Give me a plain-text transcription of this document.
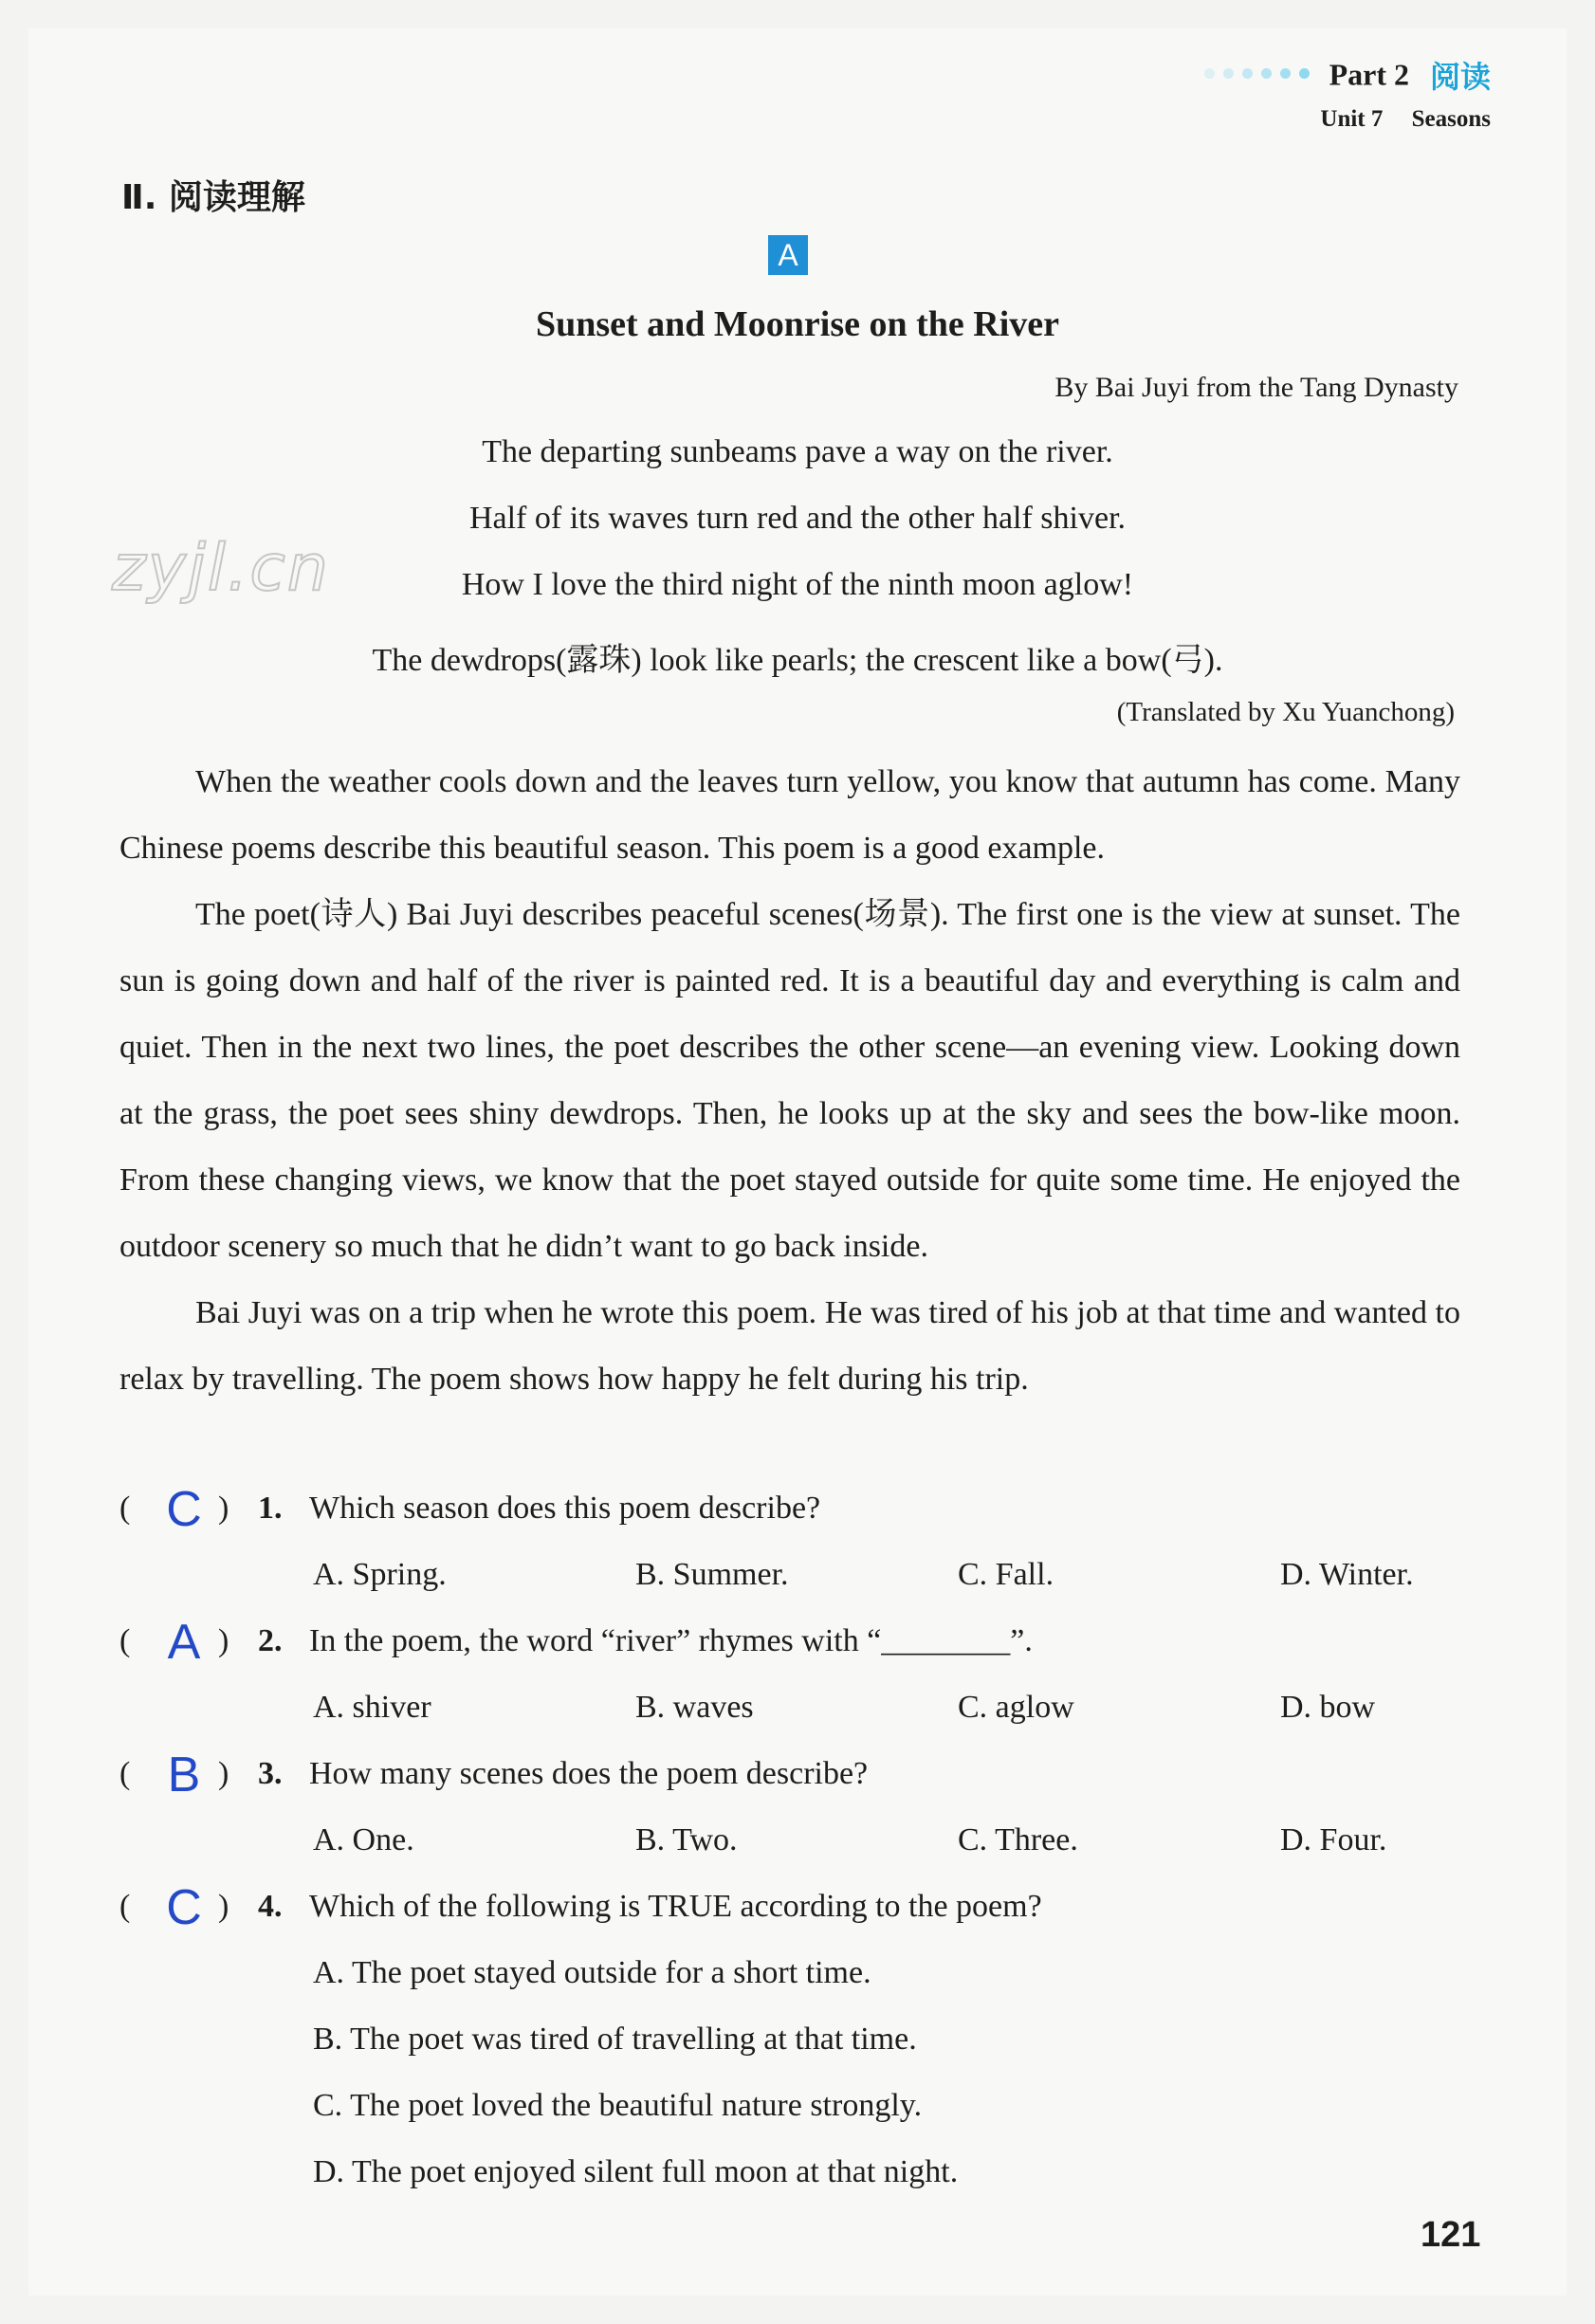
Part 2 阅读
Unit 7 Seasons
Ⅱ. 阅读理解
A
Sunset and Moonrise on the River
By Bai Juyi from the Tang Dynasty
zyjl.cn
The departing sunbeams pave a way on the river.
Half of its waves turn red and the other half shiver.
How I love the third night of the ninth moon aglow!
The dewdrops(露珠) look like pearls; the crescent like a bow(弓).
(Translated by Xu Yuanchong)

When the weather cools down and the leaves turn yellow, you know that autumn has come. Many Chinese poems describe this beautiful season. This poem is a good example.

The poet(诗人) Bai Juyi describes peaceful scenes(场景). The first one is the view at sunset. The sun is going down and half of the river is painted red. It is a beautiful day and everything is calm and quiet. Then in the next two lines, the poet describes the other scene—an evening view. Looking down at the grass, the poet sees shiny dewdrops. Then, he looks up at the sky and sees the bow-like moon. From these changing views, we know that the poet stayed outside for quite some time. He enjoyed the outdoor scenery so much that he didn’t want to go back inside.

Bai Juyi was on a trip when he wrote this poem. He was tired of his job at that time and wanted to relax by travelling. The poem shows how happy he felt during his trip.

( C ) 1. Which season does this poem describe?
A. Spring.	B. Summer.	C. Fall.	D. Winter.
( A ) 2. In the poem, the word “river” rhymes with “________”.
A. shiver	B. waves	C. aglow	D. bow
( B ) 3. How many scenes does the poem describe?
A. One.	B. Two.	C. Three.	D. Four.
( C ) 4. Which of the following is TRUE according to the poem?
A. The poet stayed outside for a short time.
B. The poet was tired of travelling at that time.
C. The poet loved the beautiful nature strongly.
D. The poet enjoyed silent full moon at that night.
121
